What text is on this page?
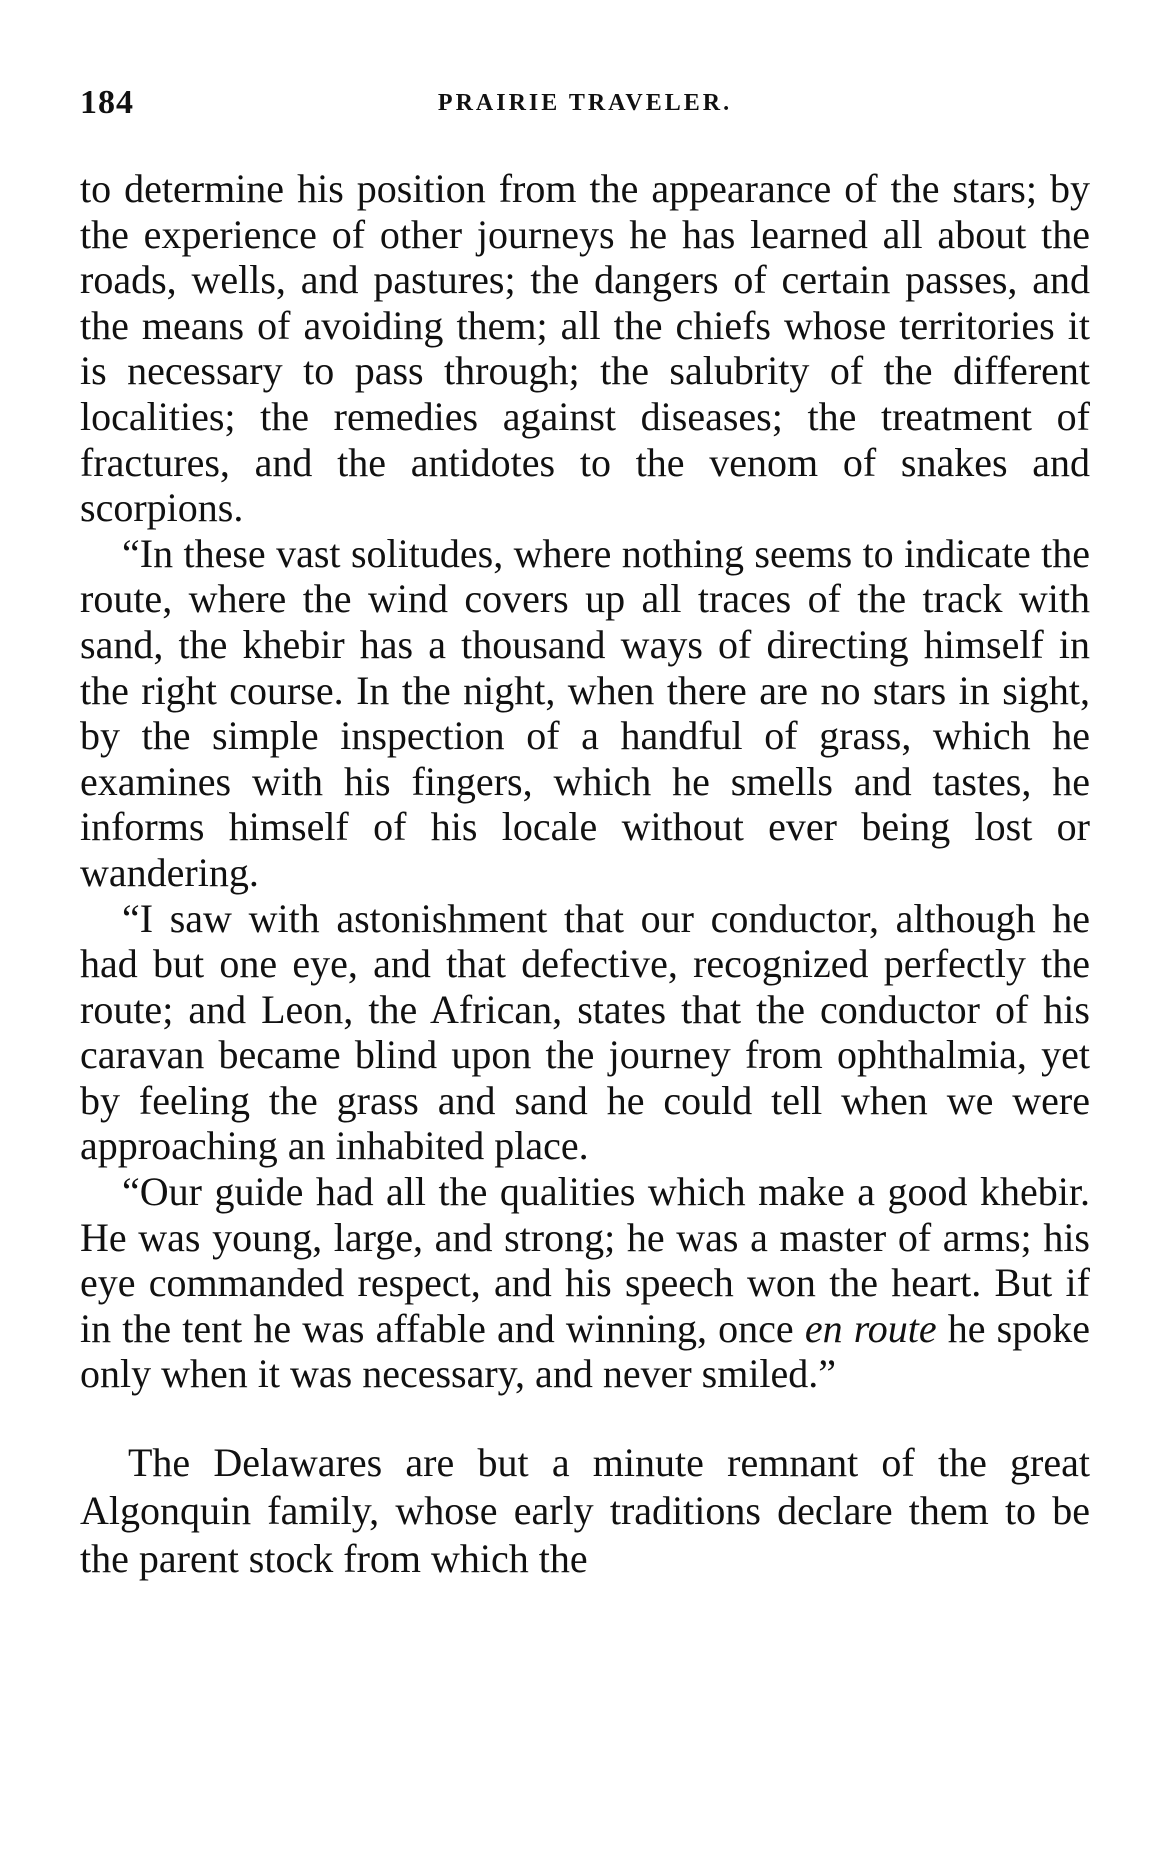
184	PRAIRIE TRAVELER.

to determine his position from the appearance of the stars; by the experience of other journeys he has learned all about the roads, wells, and pastures; the dangers of certain passes, and the means of avoiding them; all the chiefs whose territories it is necessary to pass through; the salubrity of the different localities; the remedies against diseases; the treatment of fractures, and the antidotes to the venom of snakes and scorpions.

“In these vast solitudes, where nothing seems to indicate the route, where the wind covers up all traces of the track with sand, the khebir has a thousand ways of directing himself in the right course. In the night, when there are no stars in sight, by the simple inspection of a handful of grass, which he examines with his fingers, which he smells and tastes, he informs himself of his locale without ever being lost or wandering.

“I saw with astonishment that our conductor, although he had but one eye, and that defective, recognized perfectly the route; and Leon, the African, states that the conductor of his caravan became blind upon the journey from ophthalmia, yet by feeling the grass and sand he could tell when we were approaching an inhabited place.

“Our guide had all the qualities which make a good khebir. He was young, large, and strong; he was a master of arms; his eye commanded respect, and his speech won the heart. But if in the tent he was affable and winning, once en route he spoke only when it was necessary, and never smiled.”

The Delawares are but a minute remnant of the great Algonquin family, whose early traditions declare them to be the parent stock from which the
